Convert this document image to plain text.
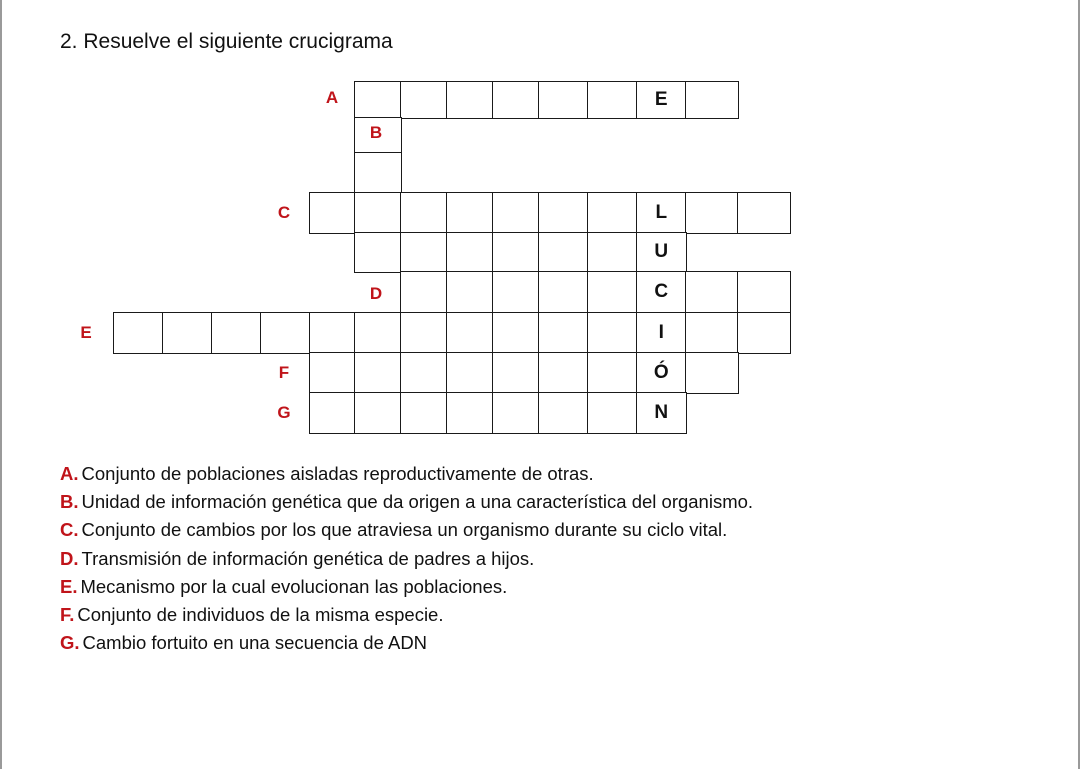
2. Resuelve el siguiente crucigrama
E
L
U
C
I
Ó
N
A
B
C
D
E
F
G
A. Conjunto de poblaciones aisladas reproductivamente de otras.
B. Unidad de información genética que da origen a una característica del organismo.
C. Conjunto de cambios por los que atraviesa un organismo durante su ciclo vital.
D. Transmisión de información genética de padres a hijos.
E. Mecanismo por la cual evolucionan las poblaciones.
F. Conjunto de individuos de la misma especie.
G. Cambio fortuito en una secuencia de ADN
